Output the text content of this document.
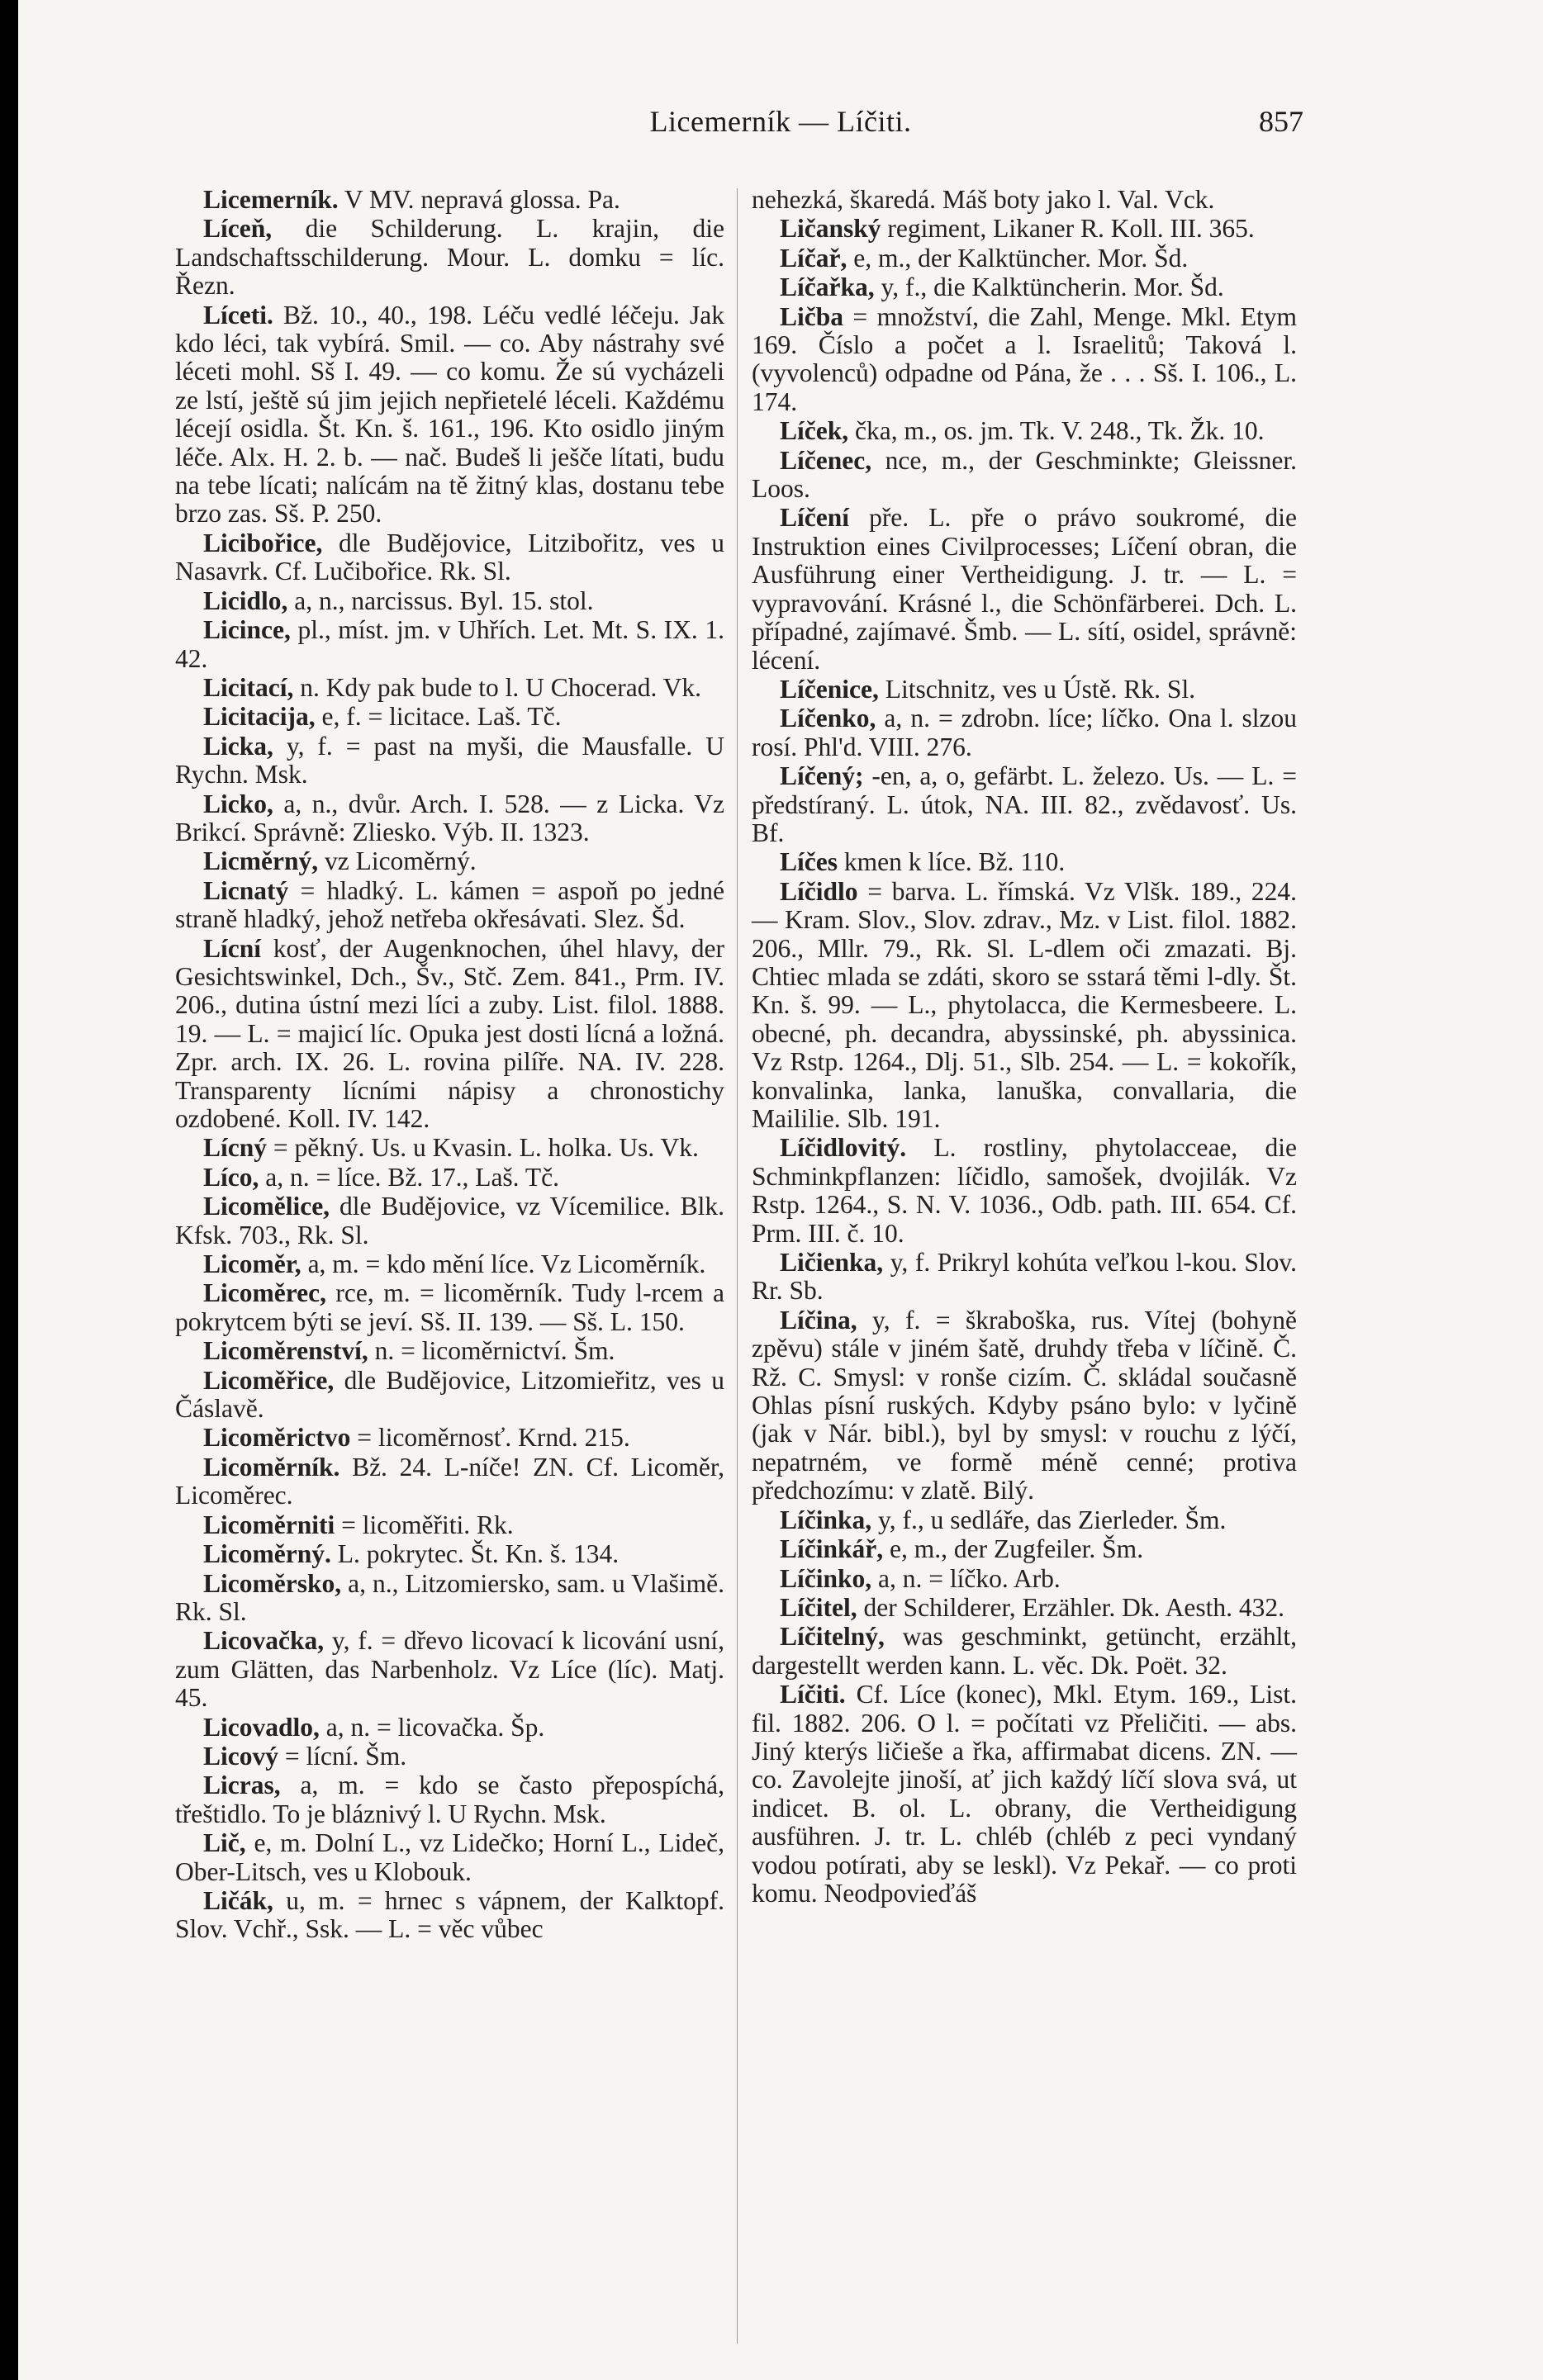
Licemerník — Líčiti.	857

Licemerník. V MV. nepravá glossa. Pa.

Líceň, die Schilderung. L. krajin, die Landschaftsschilderung. Mour. L. domku = líc. Řezn.

Líceti. Bž. 10., 40., 198. Léču vedlé léčeju. Jak kdo léci, tak vybírá. Smil. — co. Aby nástrahy své léceti mohl. Sš I. 49. — co komu. Že sú vycházeli ze lstí, ještě sú jim jejich nepřietelé léceli. Každému lécejí osidla. Št. Kn. š. 161., 196. Kto osidlo jiným léče. Alx. H. 2. b. — nač. Budeš li ješče lítati, budu na tebe lícati; nalícám na tě žitný klas, dostanu tebe brzo zas. Sš. P. 250.

Licibořice, dle Budějovice, Litzibořitz, ves u Nasavrk. Cf. Lučibořice. Rk. Sl.

Licidlo, a, n., narcissus. Byl. 15. stol.

Licince, pl., míst. jm. v Uhřích. Let. Mt. S. IX. 1. 42.

Licitací, n. Kdy pak bude to l. U Chocerad. Vk.

Licitacija, e, f. = licitace. Laš. Tč.

Licka, y, f. = past na myši, die Mausfalle. U Rychn. Msk.

Licko, a, n., dvůr. Arch. I. 528. — z Licka. Vz Brikcí. Správně: Zliesko. Výb. II. 1323.

Licměrný, vz Licoměrný.

Licnatý = hladký. L. kámen = aspoň po jedné straně hladký, jehož netřeba okřesávati. Slez. Šd.

Lícní kosť, der Augenknochen, úhel hlavy, der Gesichtswinkel, Dch., Šv., Stč. Zem. 841., Prm. IV. 206., dutina ústní mezi líci a zuby. List. filol. 1888. 19. — L. = majicí líc. Opuka jest dosti lícná a ložná. Zpr. arch. IX. 26. L. rovina pilíře. NA. IV. 228. Transparenty lícními nápisy a chronostichy ozdobené. Koll. IV. 142.

Lícný = pěkný. Us. u Kvasin. L. holka. Us. Vk.

Líco, a, n. = líce. Bž. 17., Laš. Tč.

Licomělice, dle Budějovice, vz Vícemilice. Blk. Kfsk. 703., Rk. Sl.

Licoměr, a, m. = kdo mění líce. Vz Licoměrník.

Licoměrec, rce, m. = licoměrník. Tudy l-rcem a pokrytcem býti se jeví. Sš. II. 139. — Sš. L. 150.

Licoměrenství, n. = licoměrnictví. Šm.

Licoměřice, dle Budějovice, Litzomieřitz, ves u Čáslavě.

Licoměrictvo = licoměrnosť. Krnd. 215.

Licoměrník. Bž. 24. L-níče! ZN. Cf. Licoměr, Licoměrec.

Licoměrniti = licoměřiti. Rk.

Licoměrný. L. pokrytec. Št. Kn. š. 134.

Licoměrsko, a, n., Litzomierskо, sam. u Vlašimě. Rk. Sl.

Licovačka, y, f. = dřevo licovací k licování usní, zum Glätten, das Narbenholz. Vz Líce (líc). Matj. 45.

Licovadlo, a, n. = licovačka. Šp.

Licový = lícní. Šm.

Licras, a, m. = kdo se často přepospíchá, třeštidlo. To je bláznivý l. U Rychn. Msk.

Lič, e, m. Dolní L., vz Lidečko; Horní L., Lideč, Ober-Litsch, ves u Klobouk.

Ličák, u, m. = hrnec s vápnem, der Kalktopf. Slov. Vchř., Ssk. — L. = věc vůbec

nehezká, škaredá. Máš boty jako l. Val. Vck.

Ličanský regiment, Likaner R. Koll. III. 365.

Líčař, e, m., der Kalktüncher. Mor. Šd.

Líčařka, y, f., die Kalktüncherin. Mor. Šd.

Ličba = množství, die Zahl, Menge. Mkl. Etym 169. Číslo a počet a l. Israelitů; Taková l. (vyvolenců) odpadne od Pána, že . . . Sš. I. 106., L. 174.

Líček, čka, m., os. jm. Tk. V. 248., Tk. Žk. 10.

Líčenec, nce, m., der Geschminkte; Gleissner. Loos.

Líčení pře. L. pře o právo soukromé, die Instruktion eines Civilprocesses; Líčení obran, die Ausführung einer Vertheidigung. J. tr. — L. = vypravování. Krásné l., die Schönfärberei. Dch. L. případné, zajímavé. Šmb. — L. sítí, osidel, správně: lécení.

Líčenice, Litschnitz, ves u Ústě. Rk. Sl.

Líčenko, a, n. = zdrobn. líce; líčko. Ona l. slzou rosí. Phl'd. VIII. 276.

Líčený; -en, a, o, gefärbt. L. železo. Us. — L. = předstíraný. L. útok, NA. III. 82., zvědavosť. Us. Bf.

Líčes kmen k líce. Bž. 110.

Líčidlo = barva. L. římská. Vz Vlšk. 189., 224. — Kram. Slov., Slov. zdrav., Mz. v List. filol. 1882. 206., Mllr. 79., Rk. Sl. L-dlem oči zmazati. Bj. Chtiec mlada se zdáti, skoro se sstará těmi l-dly. Št. Kn. š. 99. — L., phytolacca, die Kermesbeere. L. obecné, ph. decandra, abyssinské, ph. abyssinica. Vz Rstp. 1264., Dlj. 51., Slb. 254. — L. = kokořík, konvalinka, lanka, lanuška, convallaria, die Maililie. Slb. 191.

Líčidlovitý. L. rostliny, phytolacceae, die Schminkpflanzen: líčidlo, samošek, dvojilák. Vz Rstp. 1264., S. N. V. 1036., Odb. path. III. 654. Cf. Prm. III. č. 10.

Ličienka, y, f. Prikryl kohúta veľkou l-kou. Slov. Rr. Sb.

Líčina, y, f. = škraboška, rus. Vítej (bohyně zpěvu) stále v jiném šatě, druhdy třeba v líčině. Č. Rž. C. Smysl: v ronše cizím. Č. skládal současně Ohlas písní ruských. Kdyby psáno bylo: v lyčině (jak v Nár. bibl.), byl by smysl: v rouchu z lýčí, nepatrném, ve formě méně cenné; protiva předchozímu: v zlatě. Bilý.

Líčinka, y, f., u sedláře, das Zierleder. Šm.

Líčinkář, e, m., der Zugfeiler. Šm.

Líčinko, a, n. = líčko. Arb.

Líčitel, der Schilderer, Erzähler. Dk. Aesth. 432.

Líčitelný, was geschminkt, getüncht, erzählt, dargestellt werden kann. L. věc. Dk. Poët. 32.

Líčiti. Cf. Líce (konec), Mkl. Etym. 169., List. fil. 1882. 206. O l. = počítati vz Přeličiti. — abs. Jiný kterýs ličieše a řka, affirmabat dicens. ZN. — co. Zavolejte jinoší, ať jich každý líčí slova svá, ut indicet. B. ol. L. obrany, die Vertheidigung ausführen. J. tr. L. chléb (chléb z peci vyndaný vodou potírati, aby se leskl). Vz Pekař. — co proti komu. Neodpovieďáš
